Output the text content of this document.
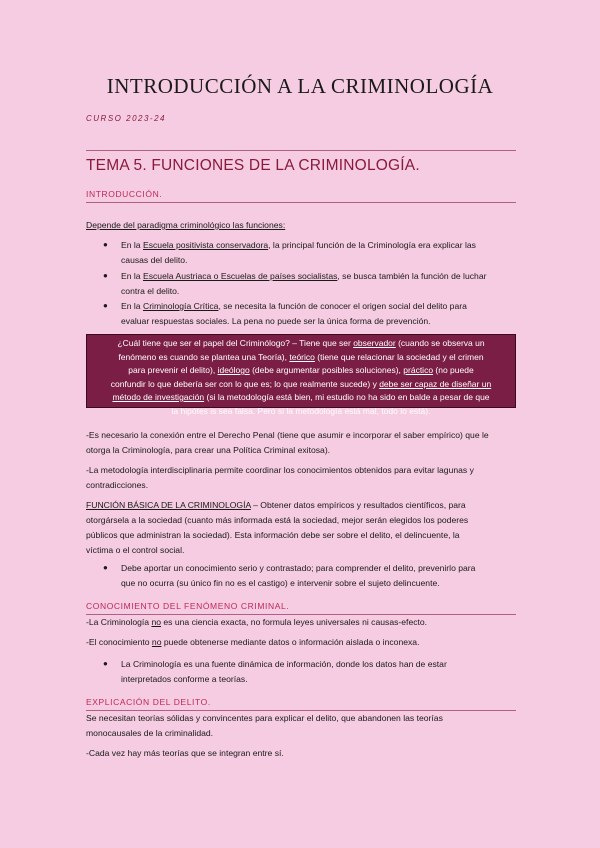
INTRODUCCIÓN A LA CRIMINOLOGÍA
CURSO 2023-24
TEMA 5. FUNCIONES DE LA CRIMINOLOGÍA.
INTRODUCCIÓN.
Depende del paradigma criminológico las funciones:
● En la Escuela positivista conservadora, la principal función de la Criminología era explicar las
causas del delito.
● En la Escuela Austriaca o Escuelas de países socialistas, se busca también la función de luchar
contra el delito.
● En la Criminología Crítica, se necesita la función de conocer el origen social del delito para
evaluar respuestas sociales. La pena no puede ser la única forma de prevención.
¿Cuál tiene que ser el papel del Criminólogo? – Tiene que ser observador (cuando se observa un
fenómeno es cuando se plantea una Teoría), teórico (tiene que relacionar la sociedad y el crimen
para prevenir el delito), ideólogo (debe argumentar posibles soluciones), práctico (no puede
confundir lo que debería ser con lo que es; lo que realmente sucede) y debe ser capaz de diseñar un
método de investigación (si la metodología está bien, mi estudio no ha sido en balde a pesar de que
la hipótes is sea falsa. Pero si la metodología está mal, todo lo está).
-Es necesario la conexión entre el Derecho Penal (tiene que asumir e incorporar el saber empírico) que le
otorga la Criminología, para crear una Política Criminal exitosa).
-La metodología interdisciplinaria permite coordinar los conocimientos obtenidos para evitar lagunas y
contradicciones.
FUNCIÓN BÁSICA DE LA CRIMINOLOGÍA – Obtener datos empíricos y resultados científicos, para
otorgársela a la sociedad (cuanto más informada está la sociedad, mejor serán elegidos los poderes
públicos que administran la sociedad). Esta información debe ser sobre el delito, el delincuente, la
víctima o el control social.
● Debe aportar un conocimiento serio y contrastado; para comprender el delito, prevenirlo para
que no ocurra (su único fin no es el castigo) e intervenir sobre el sujeto delincuente.
CONOCIMIENTO DEL FENÓMENO CRIMINAL.
-La Criminología no es una ciencia exacta, no formula leyes universales ni causas-efecto.
-El conocimiento no puede obtenerse mediante datos o información aislada o inconexa.
● La Criminología es una fuente dinámica de información, donde los datos han de estar
interpretados conforme a teorías.
EXPLICACIÓN DEL DELITO.
Se necesitan teorías sólidas y convincentes para explicar el delito, que abandonen las teorías
monocausales de la criminalidad.
-Cada vez hay más teorías que se integran entre sí.
